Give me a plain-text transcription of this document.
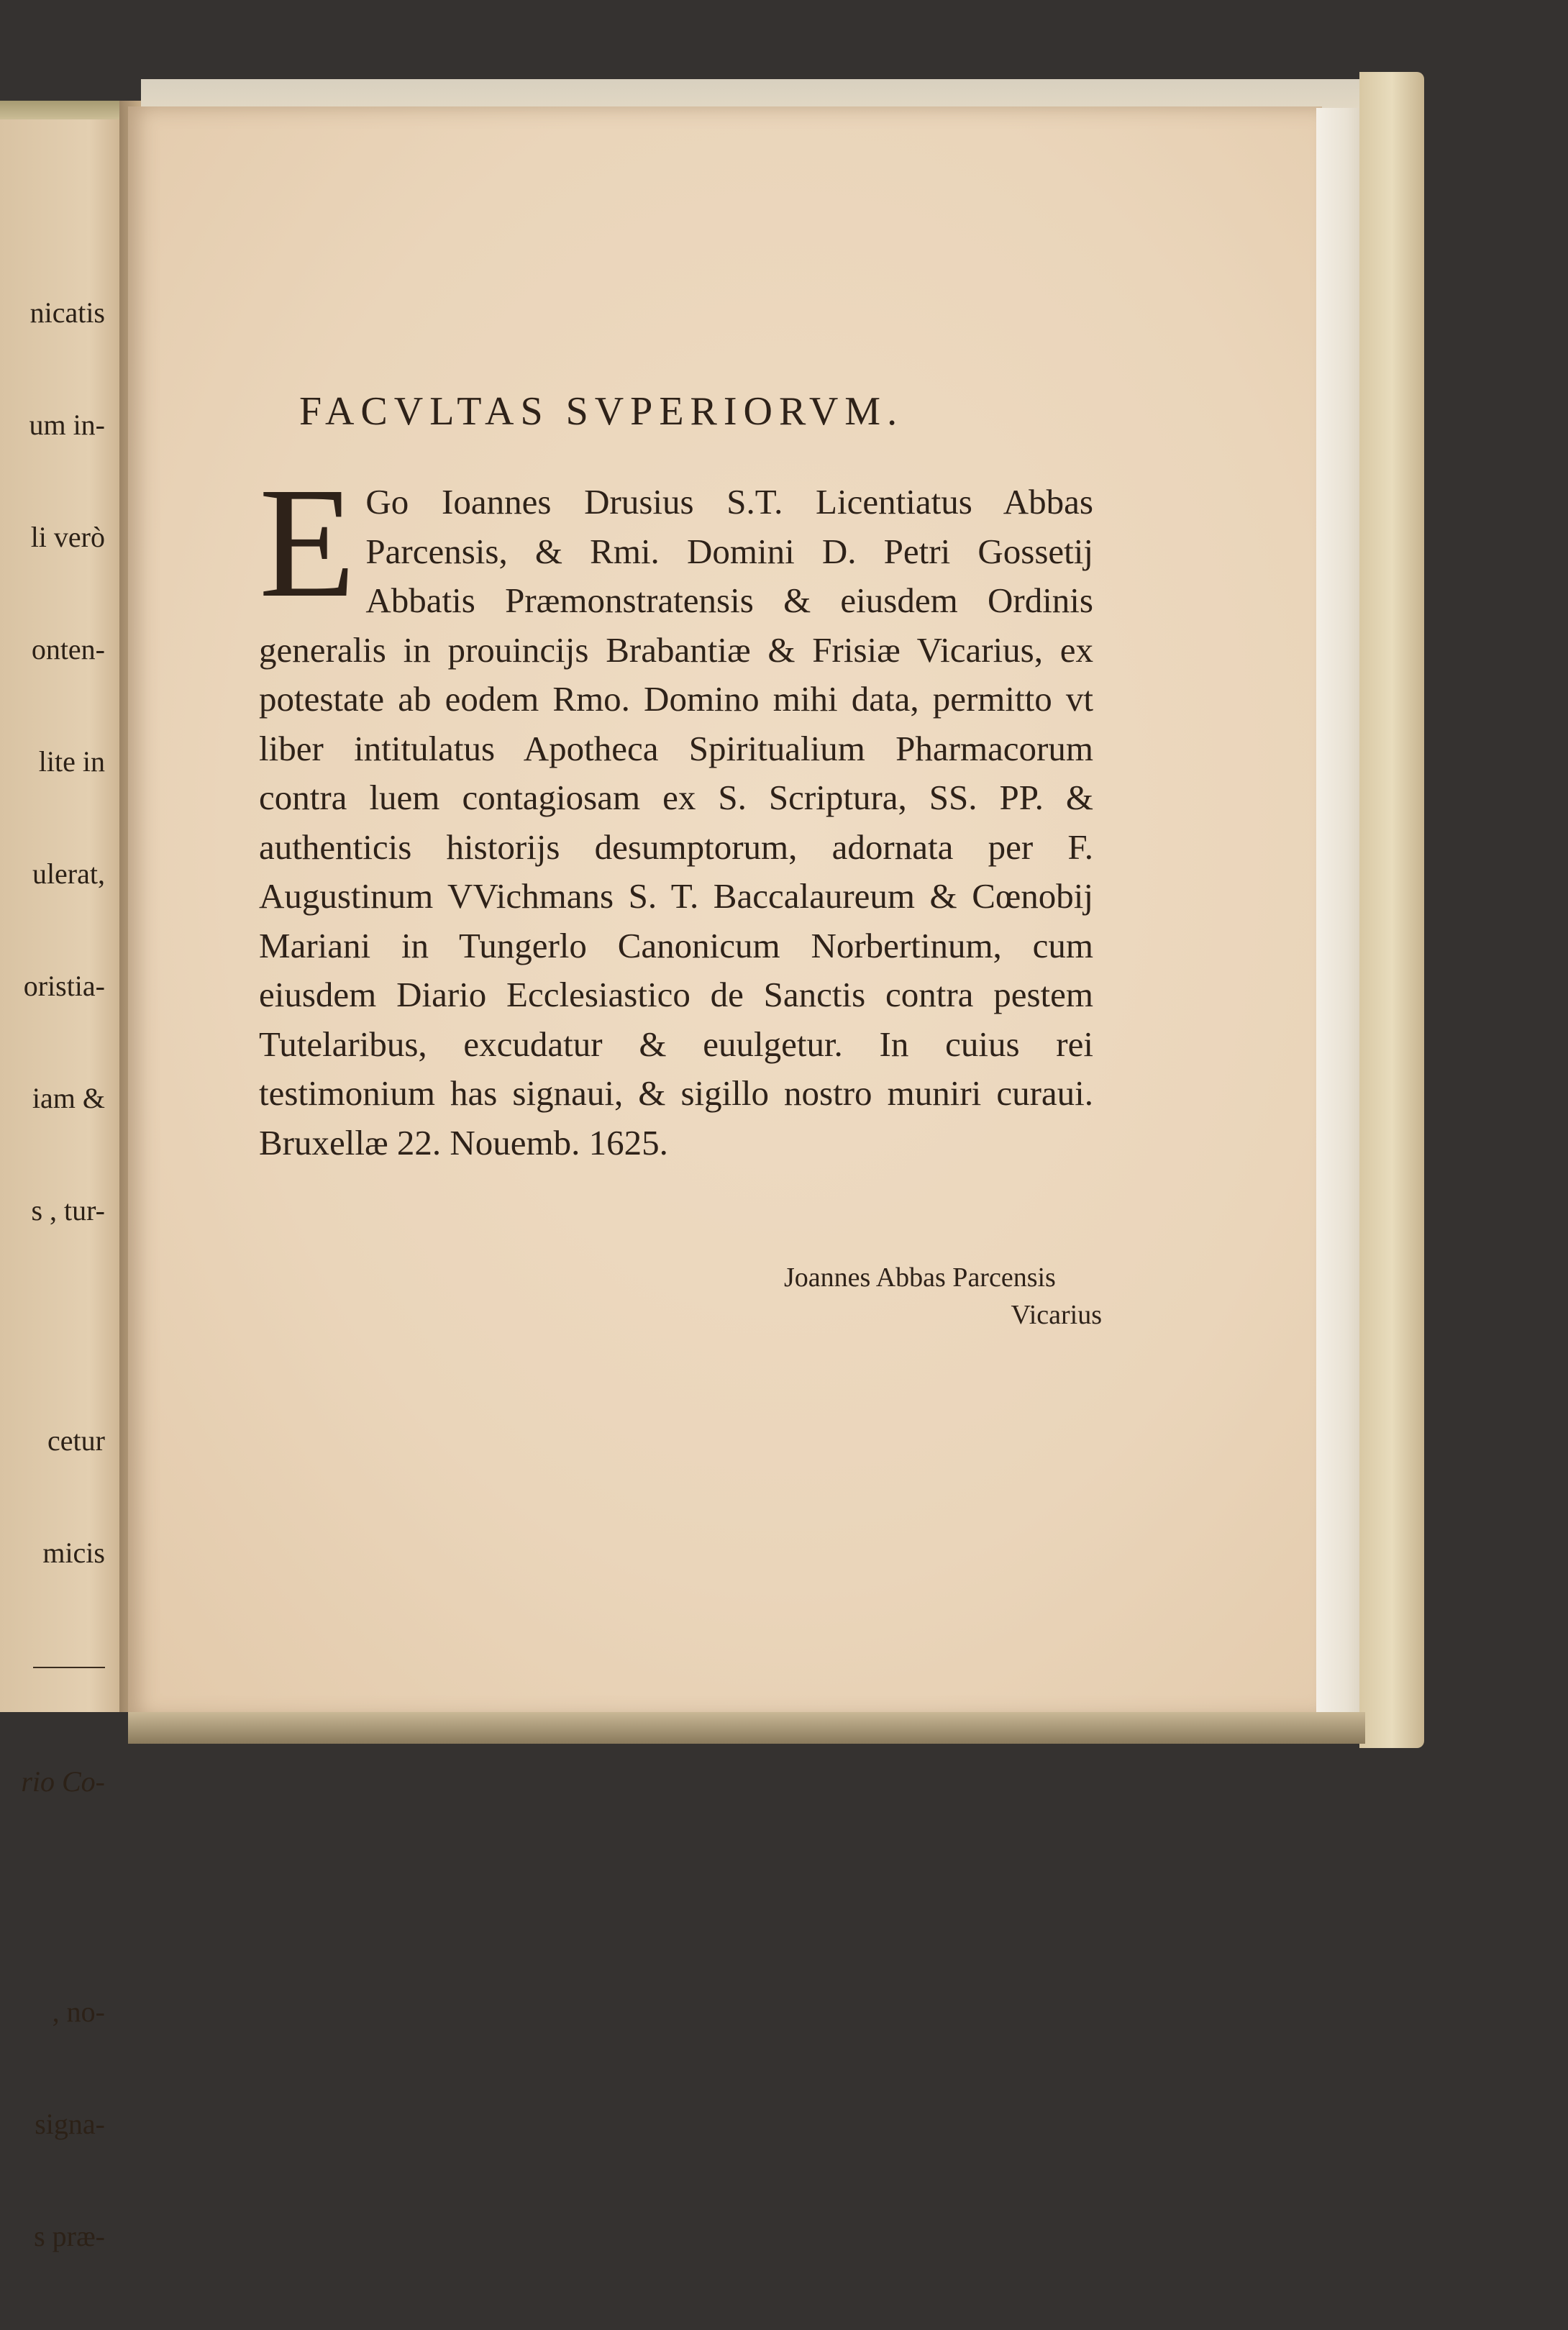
nicatis

um in-

li verò

onten-

lite in

ulerat,

oristia-

iam &

s , tur-

cetur

micis

rio Co-

, no-

signa-

s præ-

FACVLTAS SVPERIORVM.

E Go Ioannes Drusius S.T. Licentiatus Abbas Parcensis, & Rmi. Domini D. Petri Gossetij Abbatis Præmonstratensis & eiusdem Ordinis generalis in prouincijs Brabantiæ & Frisiæ Vicarius, ex potestate ab eodem Rmo. Domino mihi data, permitto vt liber intitulatus Apotheca Spiritualium Pharmacorum contra luem contagiosam ex S. Scriptura, SS. PP. & authenticis historijs desumptorum, adornata per F. Augustinum VVichmans S. T. Baccalaureum & Cœnobij Mariani in Tungerlo Canonicum Norbertinum, cum eiusdem Diario Ecclesiastico de Sanctis contra pestem Tutelaribus, excudatur & euulgetur. In cuius rei testimonium has signaui, & sigillo nostro muniri curaui. Bruxellæ 22. Nouemb. 1625.

Joannes Abbas Parcensis
Vicarius
